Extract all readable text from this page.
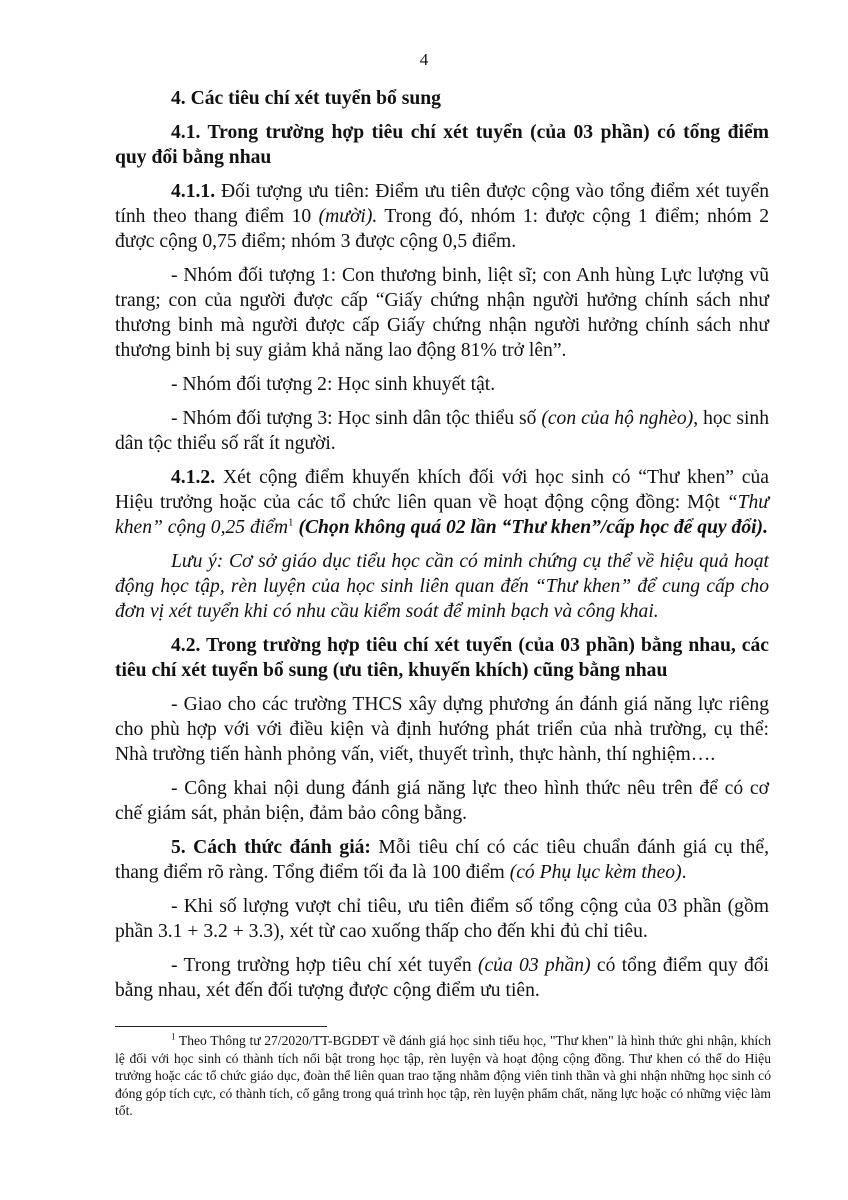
4

4. Các tiêu chí xét tuyển bổ sung

4.1. Trong trường hợp tiêu chí xét tuyển (của 03 phần) có tổng điểm quy đổi bằng nhau

4.1.1. Đối tượng ưu tiên: Điểm ưu tiên được cộng vào tổng điểm xét tuyển tính theo thang điểm 10 (mười). Trong đó, nhóm 1: được cộng 1 điểm; nhóm 2 được cộng 0,75 điểm; nhóm 3 được cộng 0,5 điểm.

- Nhóm đối tượng 1: Con thương binh, liệt sĩ; con Anh hùng Lực lượng vũ trang; con của người được cấp “Giấy chứng nhận người hưởng chính sách như thương binh mà người được cấp Giấy chứng nhận người hưởng chính sách như thương binh bị suy giảm khả năng lao động 81% trở lên”.

- Nhóm đối tượng 2: Học sinh khuyết tật.

- Nhóm đối tượng 3: Học sinh dân tộc thiểu số (con của hộ nghèo), học sinh dân tộc thiểu số rất ít người.

4.1.2. Xét cộng điểm khuyến khích đối với học sinh có “Thư khen” của Hiệu trưởng hoặc của các tổ chức liên quan về hoạt động cộng đồng: Một “Thư khen” cộng 0,25 điểm$^1$ (Chọn không quá 02 lần “Thư khen”/cấp học để quy đổi).

Lưu ý: Cơ sở giáo dục tiểu học cần có minh chứng cụ thể về hiệu quả hoạt động học tập, rèn luyện của học sinh liên quan đến “Thư khen” để cung cấp cho đơn vị xét tuyển khi có nhu cầu kiểm soát để minh bạch và công khai.

4.2. Trong trường hợp tiêu chí xét tuyển (của 03 phần) bằng nhau, các tiêu chí xét tuyển bổ sung (ưu tiên, khuyến khích) cũng bằng nhau

- Giao cho các trường THCS xây dựng phương án đánh giá năng lực riêng cho phù hợp với với điều kiện và định hướng phát triển của nhà trường, cụ thể: Nhà trường tiến hành phỏng vấn, viết, thuyết trình, thực hành, thí nghiệm….

- Công khai nội dung đánh giá năng lực theo hình thức nêu trên để có cơ chế giám sát, phản biện, đảm bảo công bằng.

5. Cách thức đánh giá: Mỗi tiêu chí có các tiêu chuẩn đánh giá cụ thể, thang điểm rõ ràng. Tổng điểm tối đa là 100 điểm (có Phụ lục kèm theo).

- Khi số lượng vượt chỉ tiêu, ưu tiên điểm số tổng cộng của 03 phần (gồm phần 3.1 + 3.2 + 3.3), xét từ cao xuống thấp cho đến khi đủ chỉ tiêu.

- Trong trường hợp tiêu chí xét tuyển (của 03 phần) có tổng điểm quy đổi bằng nhau, xét đến đối tượng được cộng điểm ưu tiên.

$^1$ Theo Thông tư 27/2020/TT-BGDĐT về đánh giá học sinh tiểu học, "Thư khen" là hình thức ghi nhận, khích lệ đối với học sinh có thành tích nổi bật trong học tập, rèn luyện và hoạt động cộng đồng. Thư khen có thể do Hiệu trưởng hoặc các tổ chức giáo dục, đoàn thể liên quan trao tặng nhằm động viên tinh thần và ghi nhận những học sinh có đóng góp tích cực, có thành tích, cố gắng trong quá trình học tập, rèn luyện phẩm chất, năng lực hoặc có những việc làm tốt.
